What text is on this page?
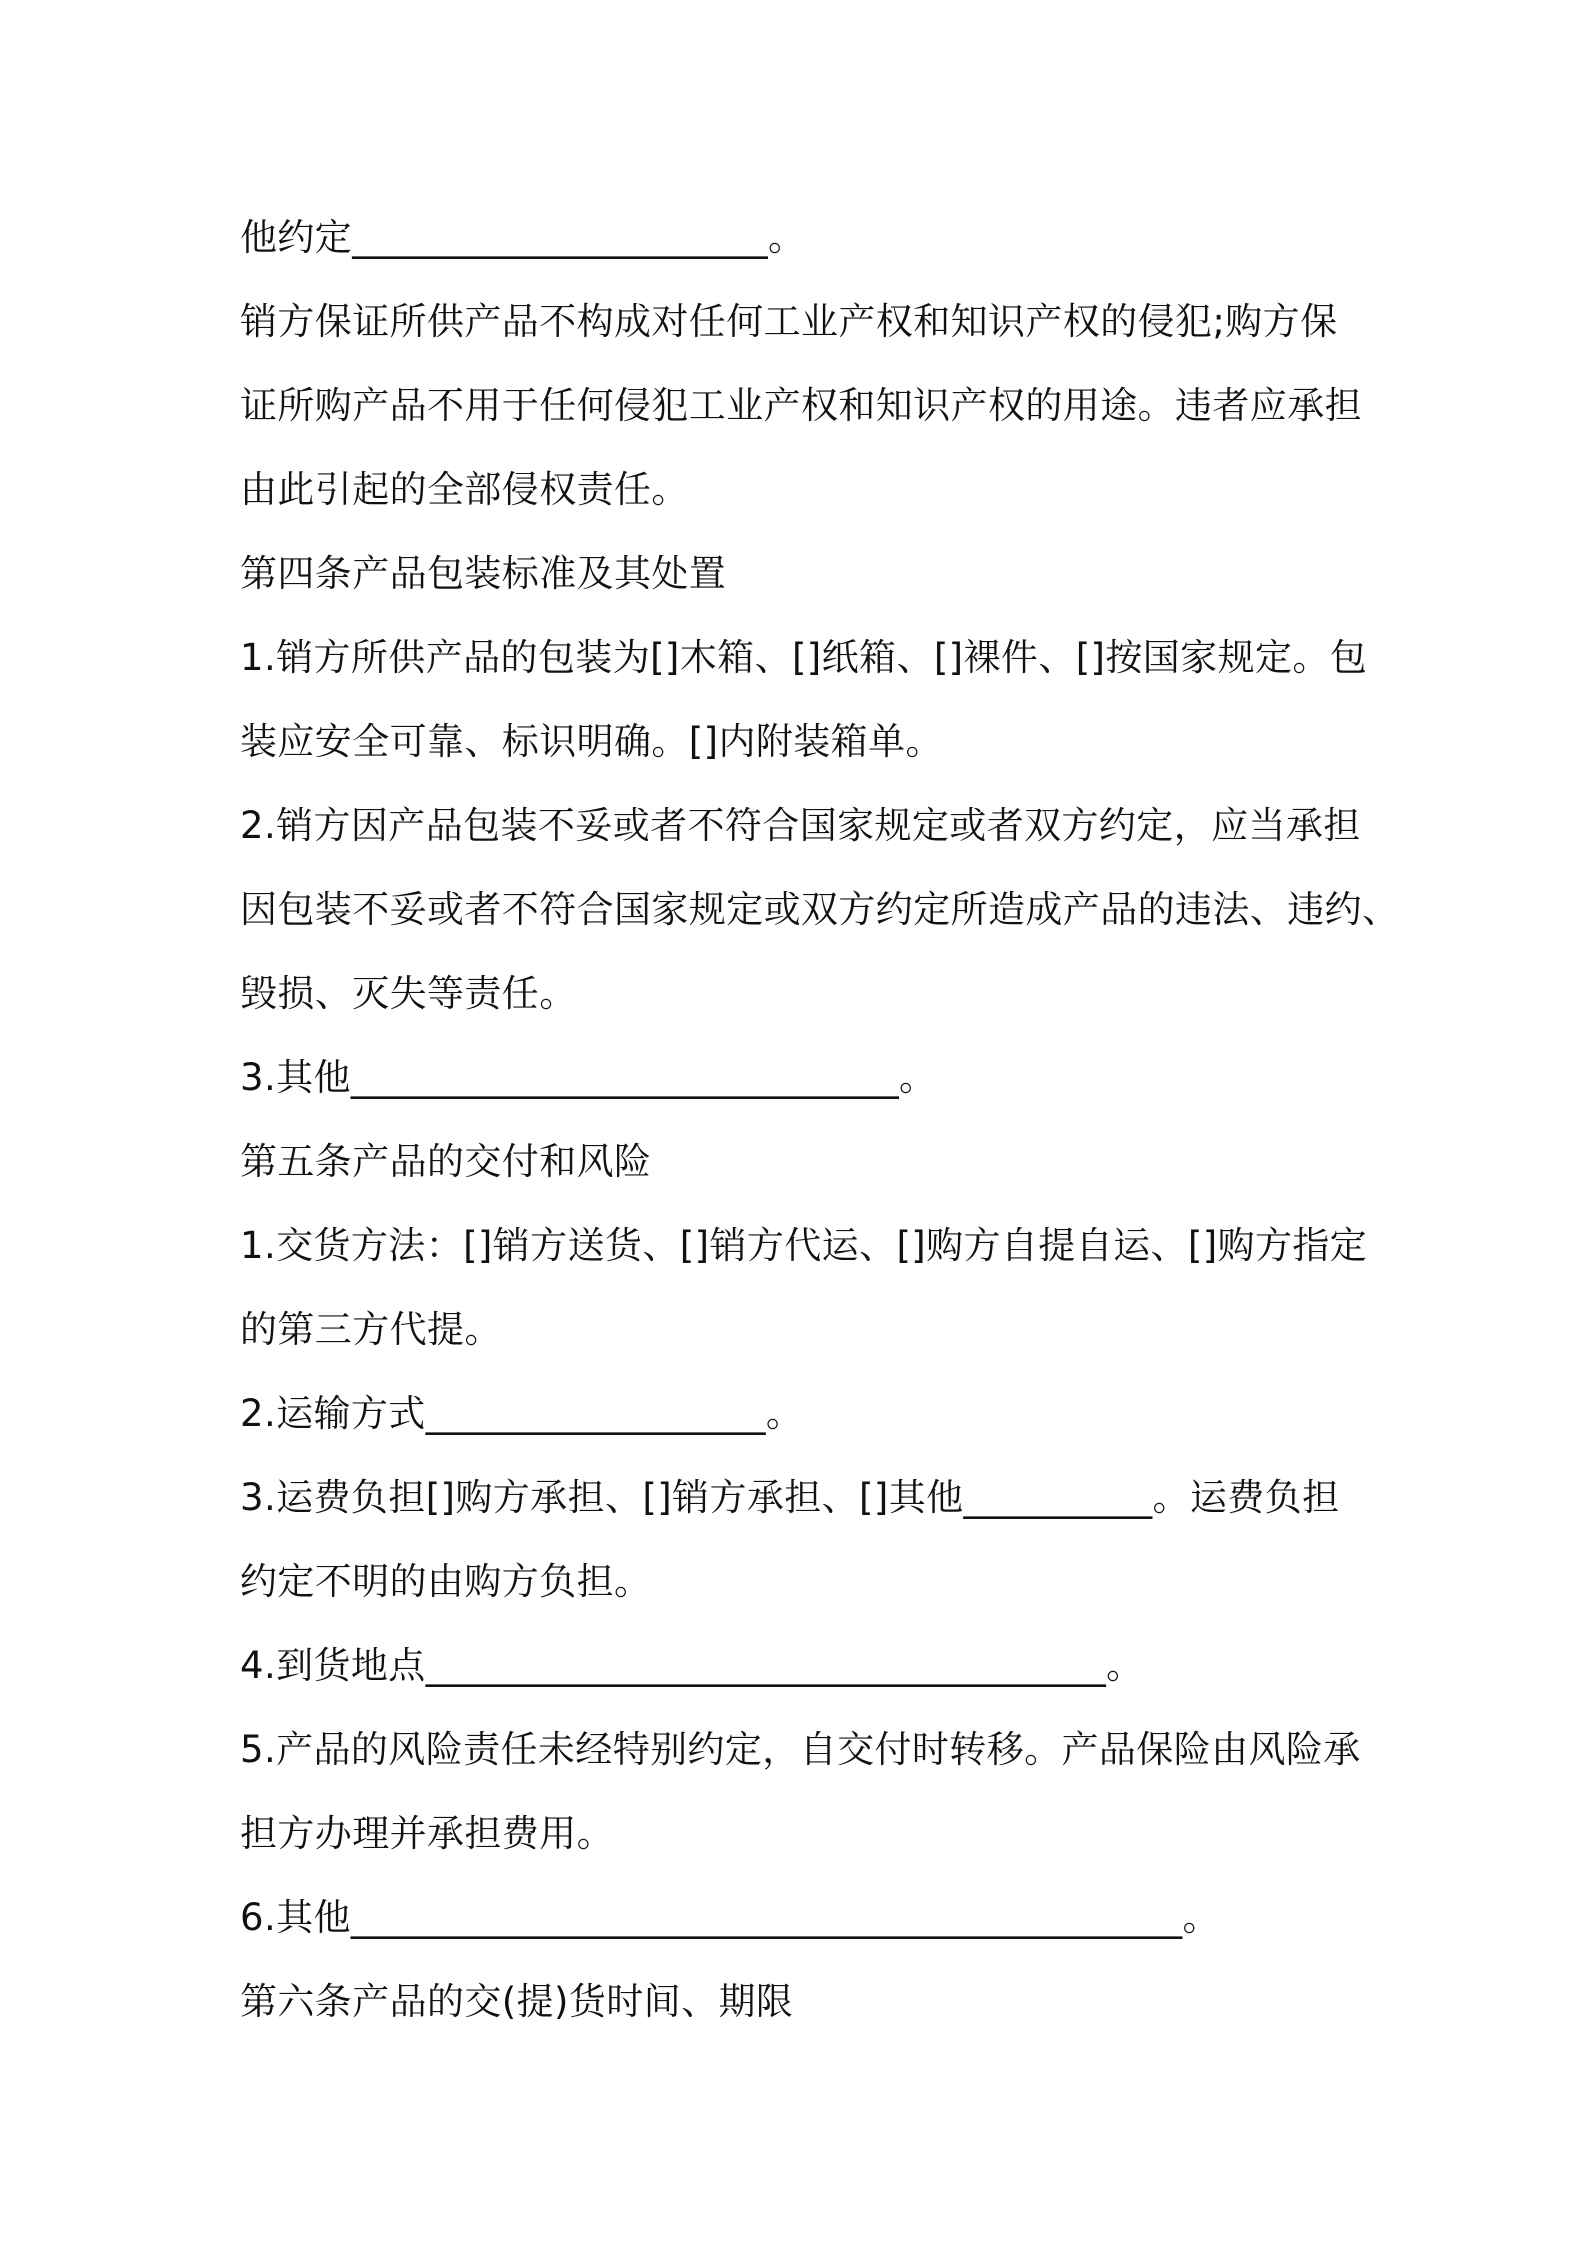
他约定______________________。
销方保证所供产品不构成对任何工业产权和知识产权的侵犯;购方保
证所购产品不用于任何侵犯工业产权和知识产权的用途。违者应承担
由此引起的全部侵权责任。
第四条产品包装标准及其处置
1.销方所供产品的包装为[]木箱、[]纸箱、[]裸件、[]按国家规定。包
装应安全可靠、标识明确。[]内附装箱单。
2.销方因产品包装不妥或者不符合国家规定或者双方约定，应当承担
因包装不妥或者不符合国家规定或双方约定所造成产品的违法、违约、
毁损、灭失等责任。
3.其他_____________________________。
第五条产品的交付和风险
1.交货方法：[]销方送货、[]销方代运、[]购方自提自运、[]购方指定
的第三方代提。
2.运输方式__________________。
3.运费负担[]购方承担、[]销方承担、[]其他__________。运费负担
约定不明的由购方负担。
4.到货地点____________________________________。
5.产品的风险责任未经特别约定，自交付时转移。产品保险由风险承
担方办理并承担费用。
6.其他____________________________________________。
第六条产品的交(提)货时间、期限
